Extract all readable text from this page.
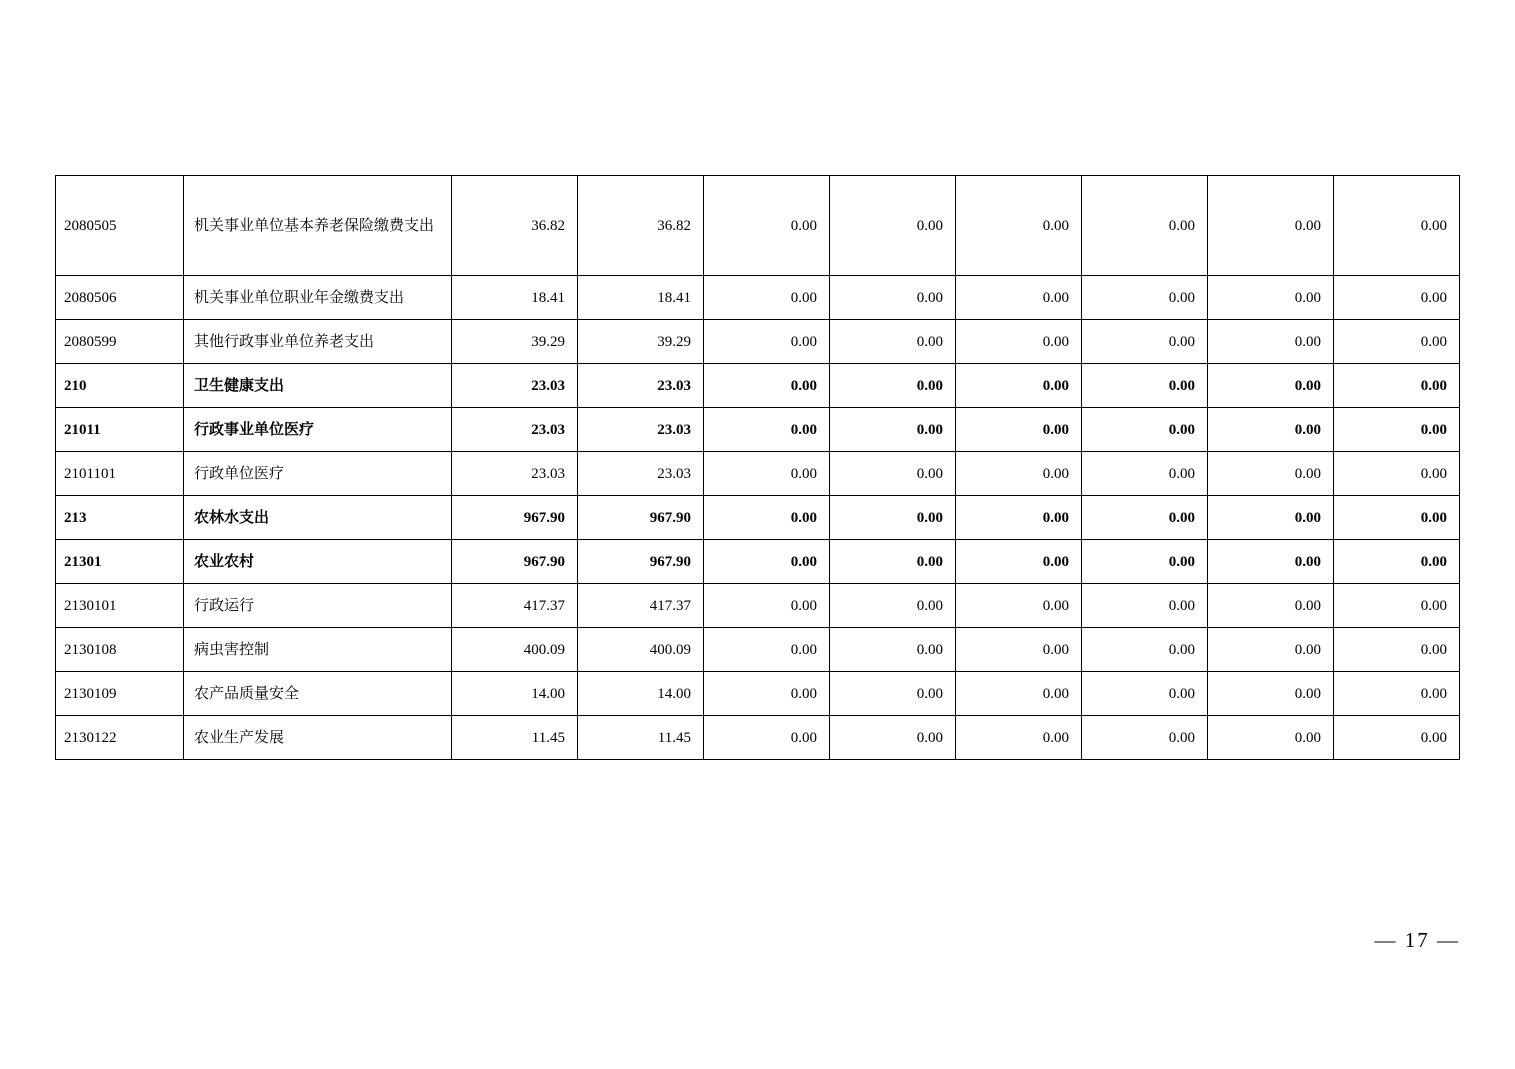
2080505	机关事业单位基本养老保险缴费支出	36.82	36.82	0.00	0.00	0.00	0.00	0.00	0.00
2080506	机关事业单位职业年金缴费支出	18.41	18.41	0.00	0.00	0.00	0.00	0.00	0.00
2080599	其他行政事业单位养老支出	39.29	39.29	0.00	0.00	0.00	0.00	0.00	0.00
210	卫生健康支出	23.03	23.03	0.00	0.00	0.00	0.00	0.00	0.00
21011	行政事业单位医疗	23.03	23.03	0.00	0.00	0.00	0.00	0.00	0.00
2101101	行政单位医疗	23.03	23.03	0.00	0.00	0.00	0.00	0.00	0.00
213	农林水支出	967.90	967.90	0.00	0.00	0.00	0.00	0.00	0.00
21301	农业农村	967.90	967.90	0.00	0.00	0.00	0.00	0.00	0.00
2130101	行政运行	417.37	417.37	0.00	0.00	0.00	0.00	0.00	0.00
2130108	病虫害控制	400.09	400.09	0.00	0.00	0.00	0.00	0.00	0.00
2130109	农产品质量安全	14.00	14.00	0.00	0.00	0.00	0.00	0.00	0.00
2130122	农业生产发展	11.45	11.45	0.00	0.00	0.00	0.00	0.00	0.00
— 17 —
